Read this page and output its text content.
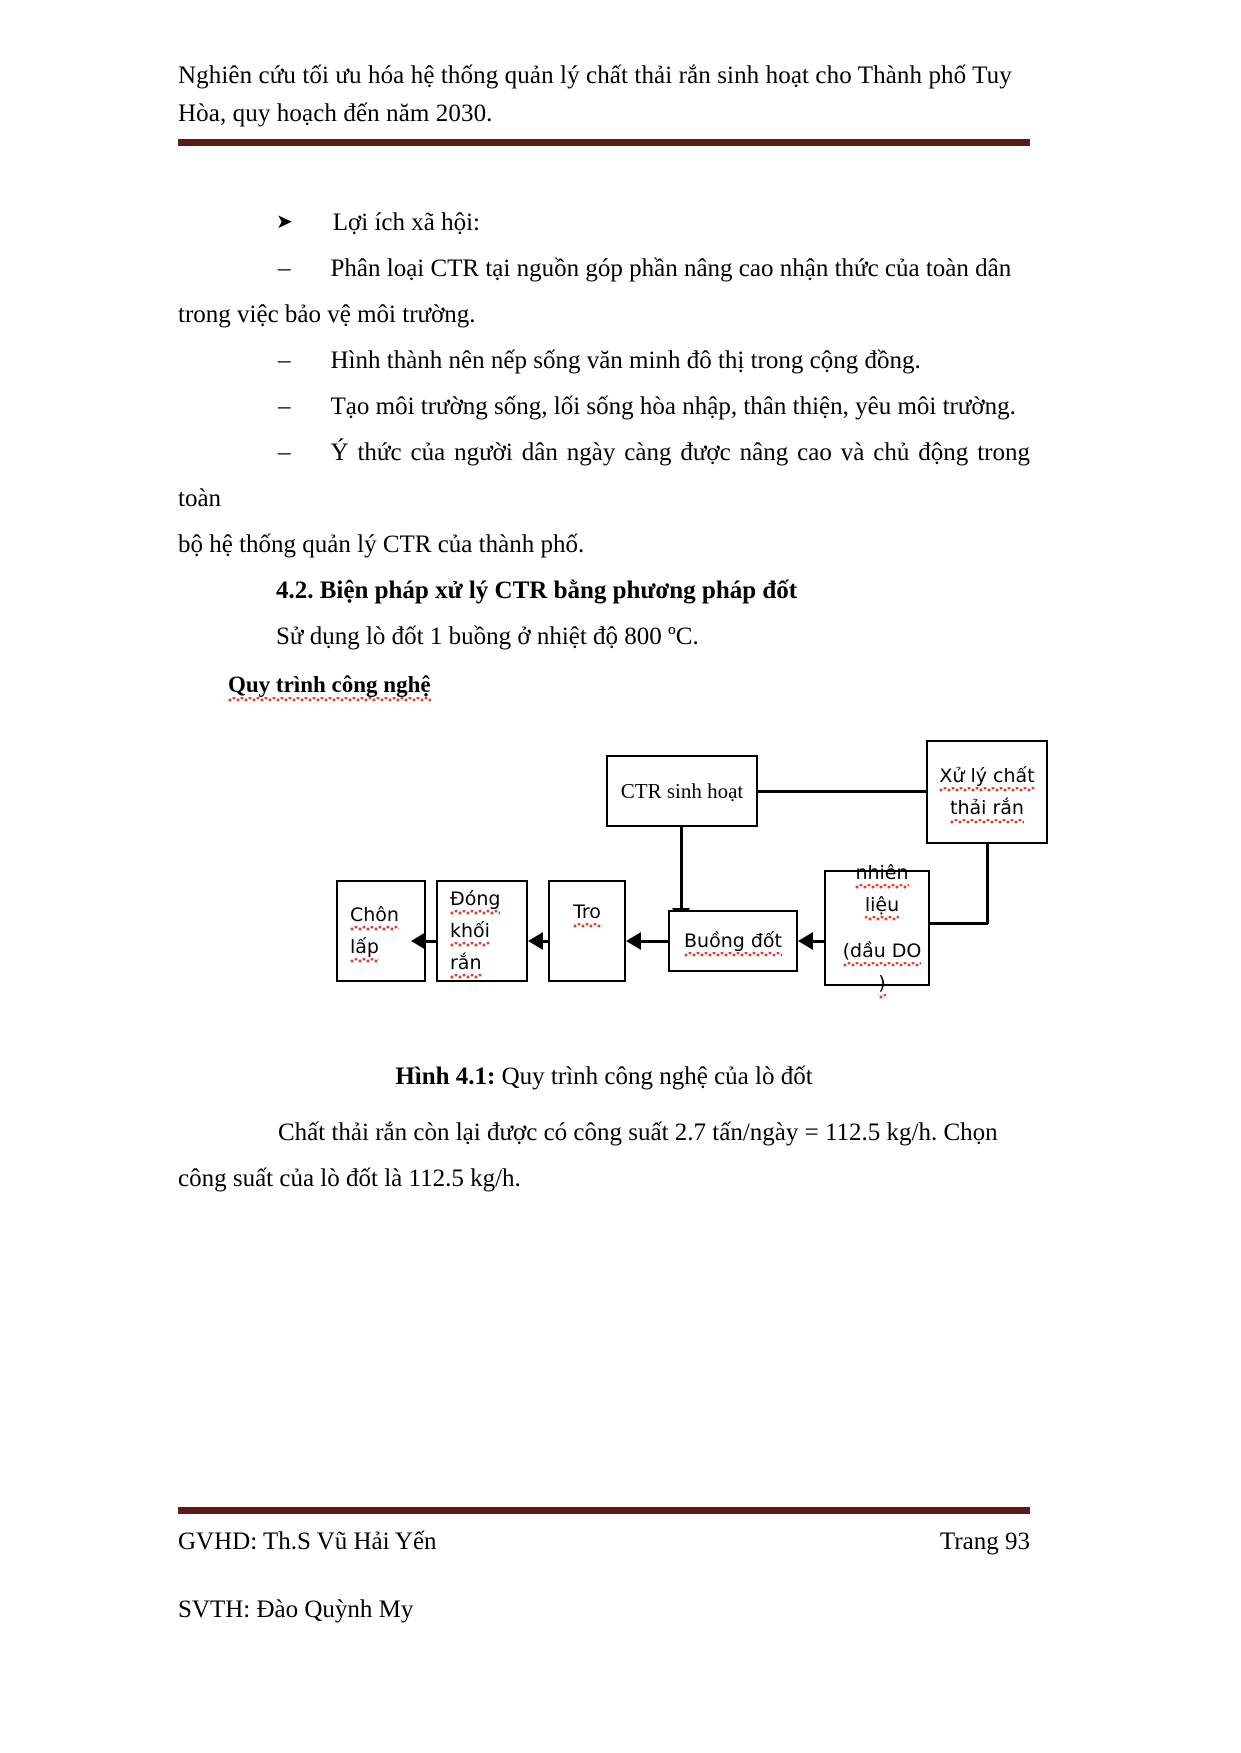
Nghiên cứu tối ưu hóa hệ thống quản lý chất thải rắn sinh hoạt cho Thành phố Tuy
Hòa, quy hoạch đến năm 2030.

➤ Lợi ích xã hội:

– Phân loại CTR tại nguồn góp phần nâng cao nhận thức của toàn dân

trong việc bảo vệ môi trường.

– Hình thành nên nếp sống văn minh đô thị trong cộng đồng.

– Tạo môi trường sống, lối sống hòa nhập, thân thiện, yêu môi trường.

– Ý thức của người dân ngày càng được nâng cao và chủ động trong toàn

bộ hệ thống quản lý CTR của thành phố.

4.2. Biện pháp xử lý CTR bằng phương pháp đốt

Sử dụng lò đốt 1 buồng ở nhiệt độ 800 ºC.

Quy trình công nghệ
CTR sinh hoạt
Xử lý chất
thải rắn
Chôn
lấp
Đóng
khối
rắn
Tro
Buồng đốt
nhiên liệu
(dầu DO )
Hình 4.1: Quy trình công nghệ của lò đốt

Chất thải rắn còn lại được có công suất 2.7 tấn/ngày = 112.5 kg/h. Chọn

công suất của lò đốt là 112.5 kg/h.

GVHD: Th.S Vũ Hải Yến	Trang 93
SVTH: Đào Quỳnh My
